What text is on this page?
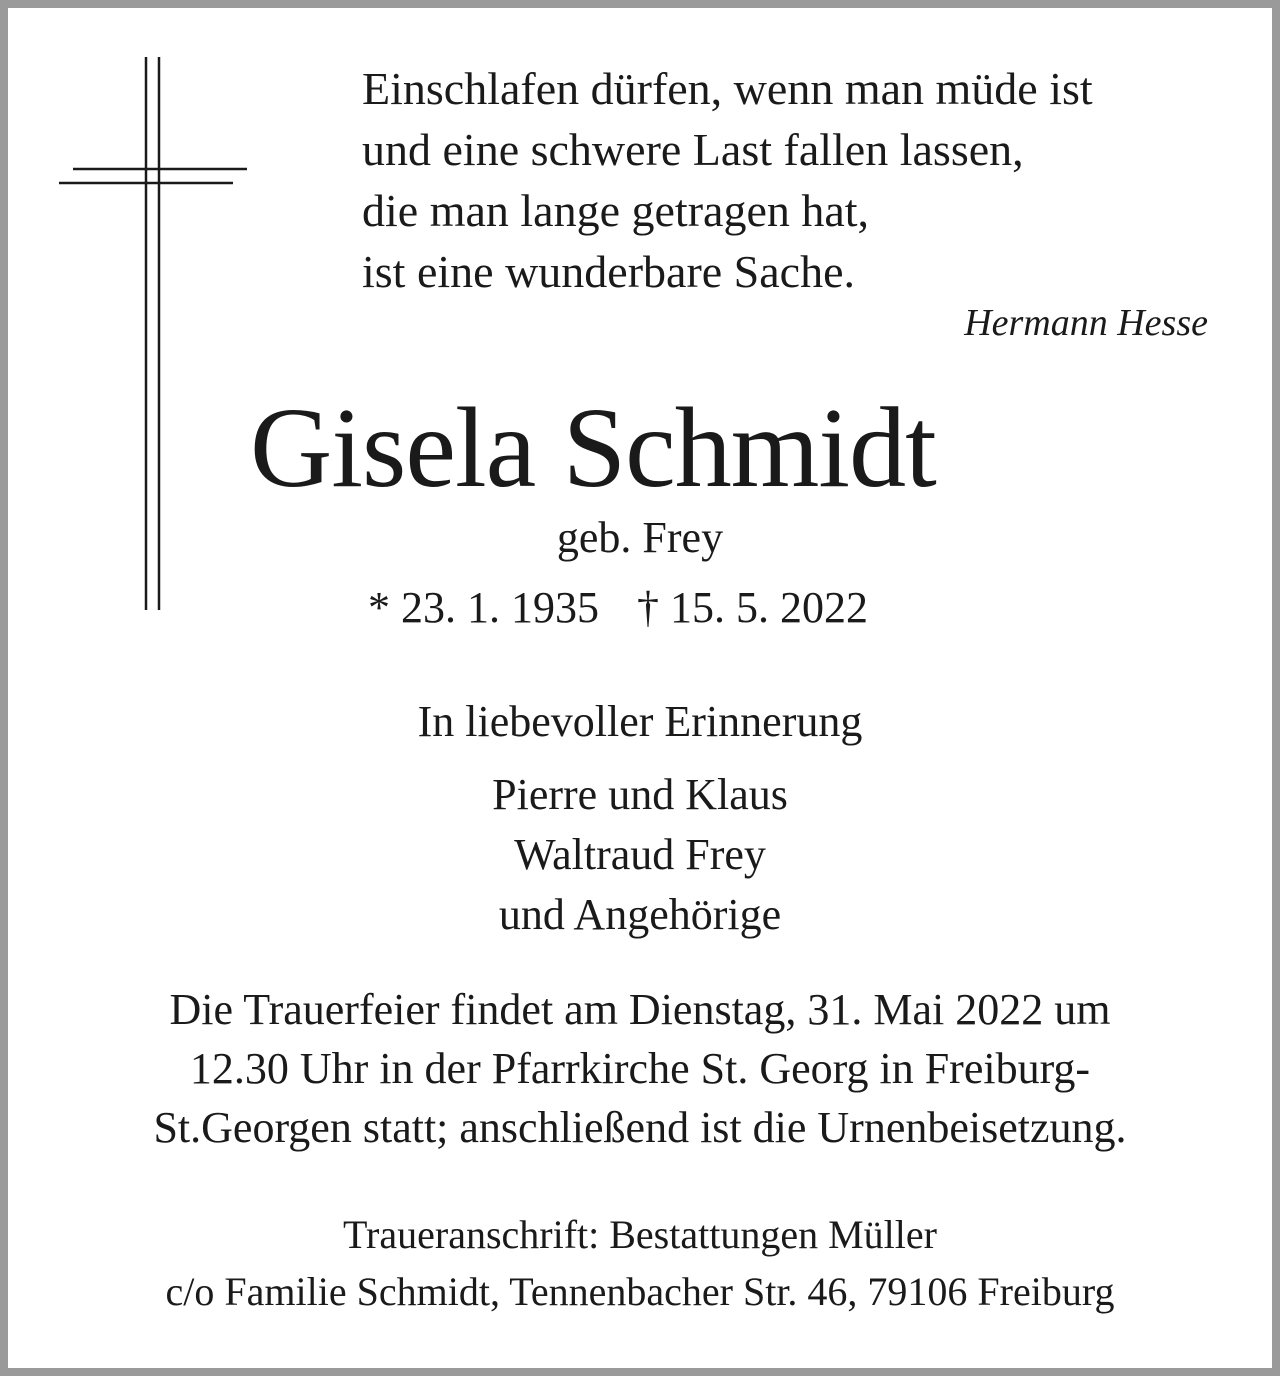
Einschlafen dürfen, wenn man müde ist
und eine schwere Last fallen lassen,
die man lange getragen hat,
ist eine wunderbare Sache.
Hermann Hesse
Gisela Schmidt
geb. Frey
* 23. 1. 1935 † 15. 5. 2022
In liebevoller Erinnerung
Pierre und Klaus
Waltraud Frey
und Angehörige
Die Trauerfeier findet am Dienstag, 31. Mai 2022 um
12.30 Uhr in der Pfarrkirche St. Georg in Freiburg-
St.Georgen statt; anschließend ist die Urnenbeisetzung.
Traueranschrift: Bestattungen Müller
c/o Familie Schmidt, Tennenbacher Str. 46, 79106 Freiburg
